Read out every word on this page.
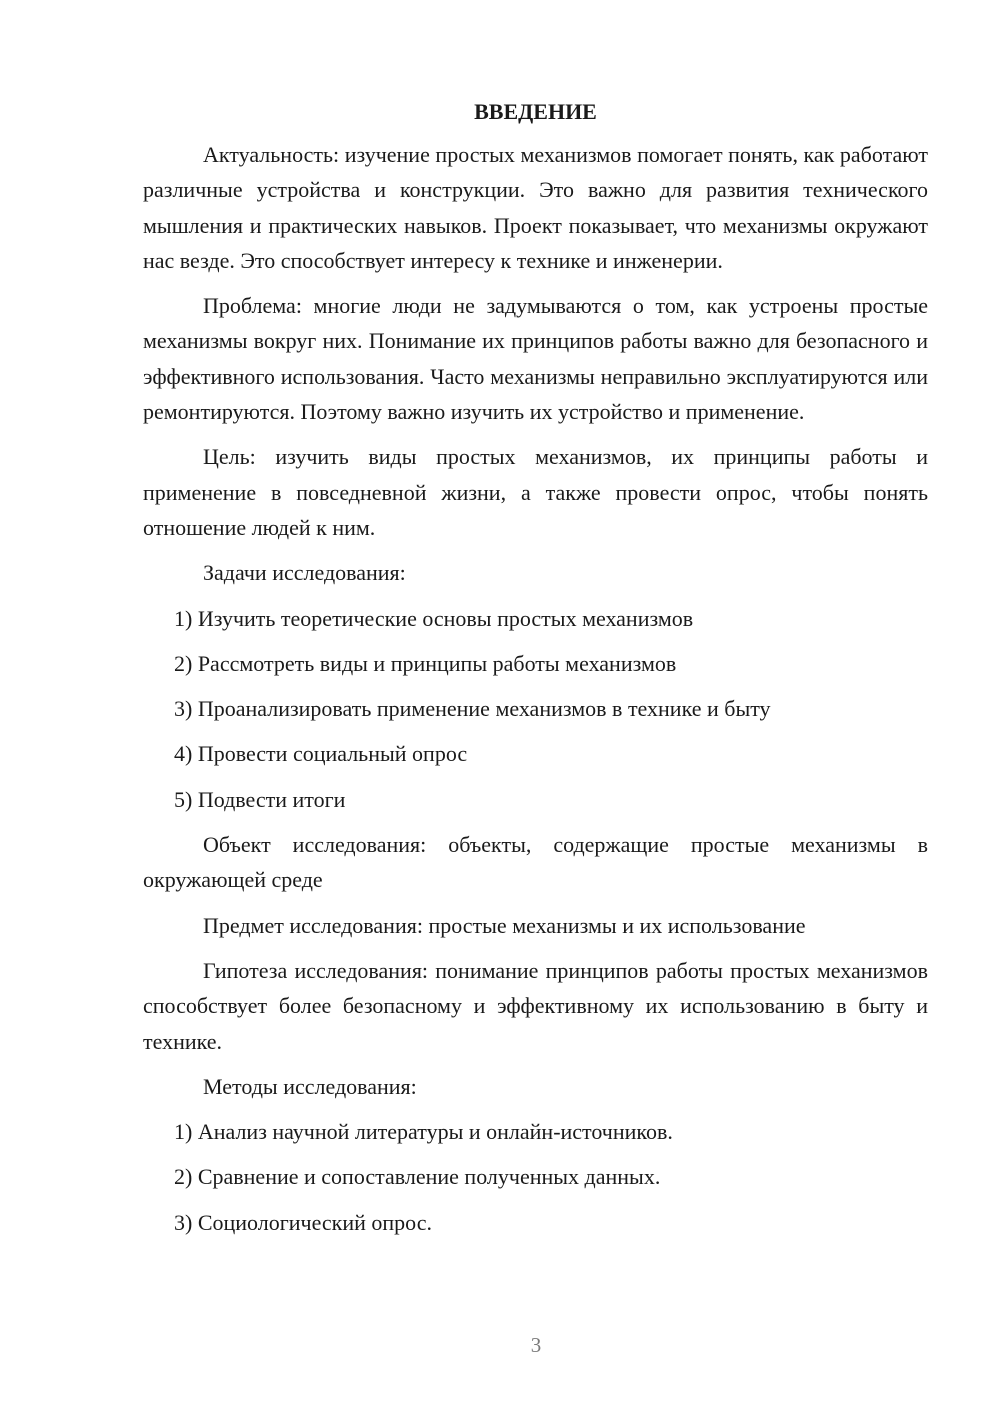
ВВЕДЕНИЕ

Актуальность: изучение простых механизмов помогает понять, как работают различные устройства и конструкции. Это важно для развития технического мышления и практических навыков. Проект показывает, что механизмы окружают нас везде. Это способствует интересу к технике и инженерии.

Проблема: многие люди не задумываются о том, как устроены простые механизмы вокруг них. Понимание их принципов работы важно для безопасного и эффективного использования. Часто механизмы неправильно эксплуатируются или ремонтируются. Поэтому важно изучить их устройство и применение.

Цель: изучить виды простых механизмов, их принципы работы и применение в повседневной жизни, а также провести опрос, чтобы понять отношение людей к ним.

Задачи исследования:

1) Изучить теоретические основы простых механизмов

2) Рассмотреть виды и принципы работы механизмов

3) Проанализировать применение механизмов в технике и быту

4) Провести социальный опрос

5) Подвести итоги

Объект исследования: объекты, содержащие простые механизмы в окружающей среде

Предмет исследования: простые механизмы и их использование

Гипотеза исследования: понимание принципов работы простых механизмов способствует более безопасному и эффективному их использованию в быту и технике.

Методы исследования:

1) Анализ научной литературы и онлайн-источников.

2) Сравнение и сопоставление полученных данных.

3) Социологический опрос.

3
